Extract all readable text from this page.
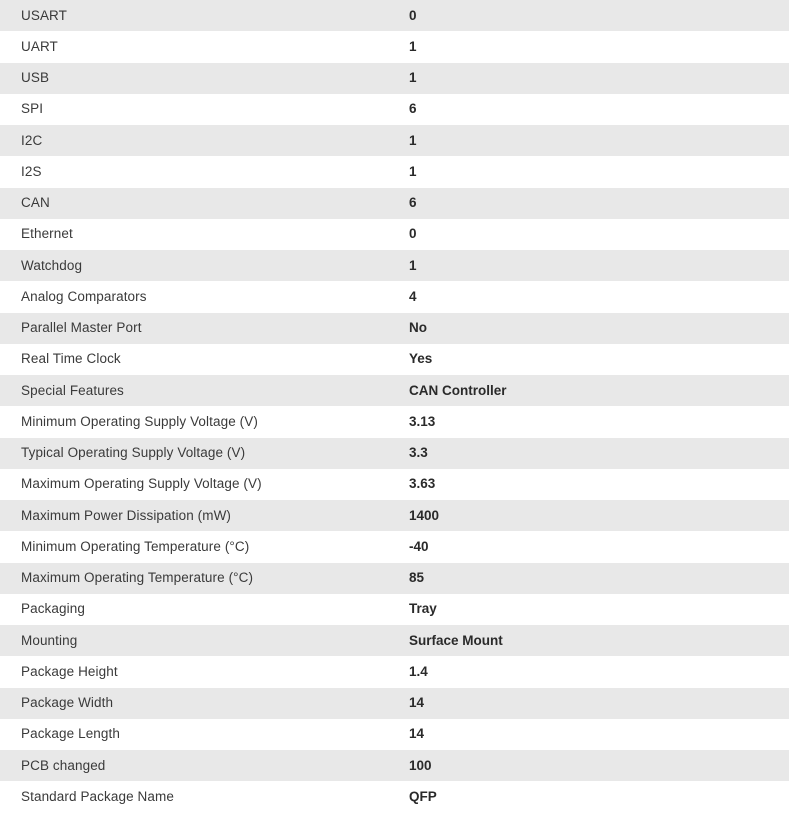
USART	0
UART	1
USB	1
SPI	6
I2C	1
I2S	1
CAN	6
Ethernet	0
Watchdog	1
Analog Comparators	4
Parallel Master Port	No
Real Time Clock	Yes
Special Features	CAN Controller
Minimum Operating Supply Voltage (V)	3.13
Typical Operating Supply Voltage (V)	3.3
Maximum Operating Supply Voltage (V)	3.63
Maximum Power Dissipation (mW)	1400
Minimum Operating Temperature (°C)	-40
Maximum Operating Temperature (°C)	85
Packaging	Tray
Mounting	Surface Mount
Package Height	1.4
Package Width	14
Package Length	14
PCB changed	100
Standard Package Name	QFP
